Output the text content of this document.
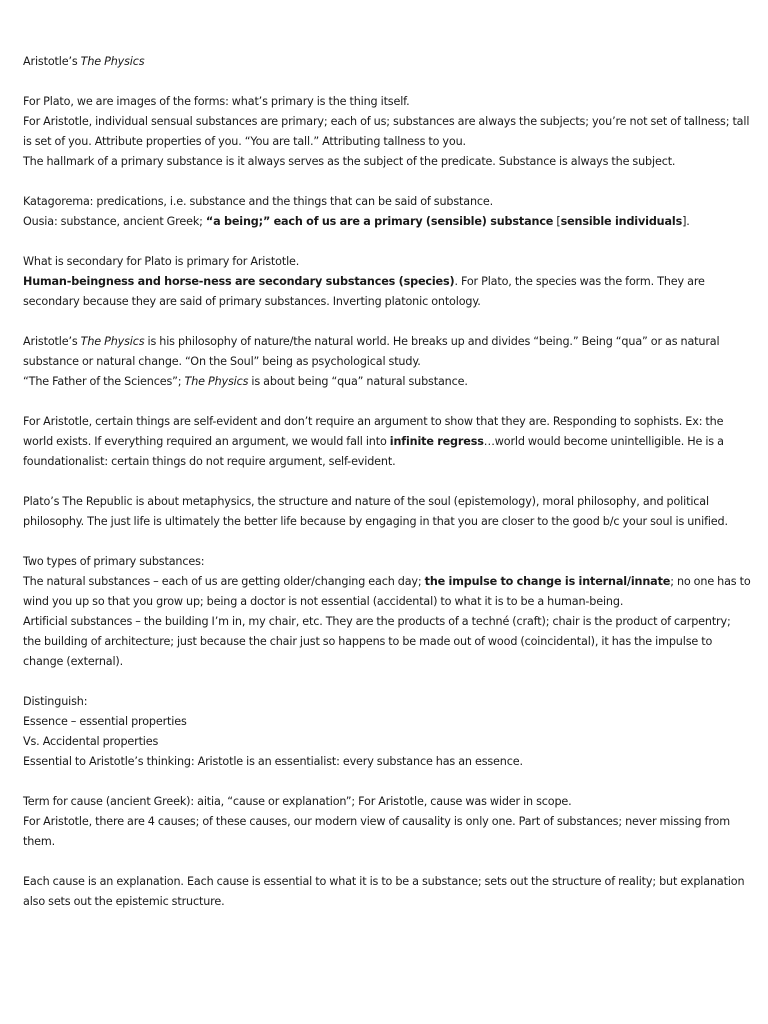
Aristotle’s The Physics

For Plato, we are images of the forms: what’s primary is the thing itself.

For Aristotle, individual sensual substances are primary; each of us; substances are always the subjects; you’re not set of tallness; tall is set of you. Attribute properties of you. “You are tall.” Attributing tallness to you.

The hallmark of a primary substance is it always serves as the subject of the predicate. Substance is always the subject.

Katagorema: predications, i.e. substance and the things that can be said of substance.

Ousia: substance, ancient Greek; “a being;” each of us are a primary (sensible) substance [sensible individuals].

What is secondary for Plato is primary for Aristotle.

Human-beingness and horse-ness are secondary substances (species). For Plato, the species was the form. They are secondary because they are said of primary substances. Inverting platonic ontology.

Aristotle’s The Physics is his philosophy of nature/the natural world. He breaks up and divides “being.” Being “qua” or as natural substance or natural change. “On the Soul” being as psychological study.

“The Father of the Sciences”; The Physics is about being “qua” natural substance.

For Aristotle, certain things are self-evident and don’t require an argument to show that they are. Responding to sophists. Ex: the world exists. If everything required an argument, we would fall into infinite regress…world would become unintelligible. He is a foundationalist: certain things do not require argument, self-evident.

Plato’s The Republic is about metaphysics, the structure and nature of the soul (epistemology), moral philosophy, and political philosophy. The just life is ultimately the better life because by engaging in that you are closer to the good b/c your soul is unified.

Two types of primary substances:

The natural substances – each of us are getting older/changing each day; the impulse to change is internal/innate; no one has to wind you up so that you grow up; being a doctor is not essential (accidental) to what it is to be a human-being.

Artificial substances – the building I’m in, my chair, etc. They are the products of a techné (craft); chair is the product of carpentry; the building of architecture; just because the chair just so happens to be made out of wood (coincidental), it has the impulse to change (external).

Distinguish:

Essence – essential properties

Vs. Accidental properties

Essential to Aristotle’s thinking: Aristotle is an essentialist: every substance has an essence.

Term for cause (ancient Greek): aitia, “cause or explanation”; For Aristotle, cause was wider in scope.

For Aristotle, there are 4 causes; of these causes, our modern view of causality is only one. Part of substances; never missing from them.

Each cause is an explanation. Each cause is essential to what it is to be a substance; sets out the structure of reality; but explanation also sets out the epistemic structure.
